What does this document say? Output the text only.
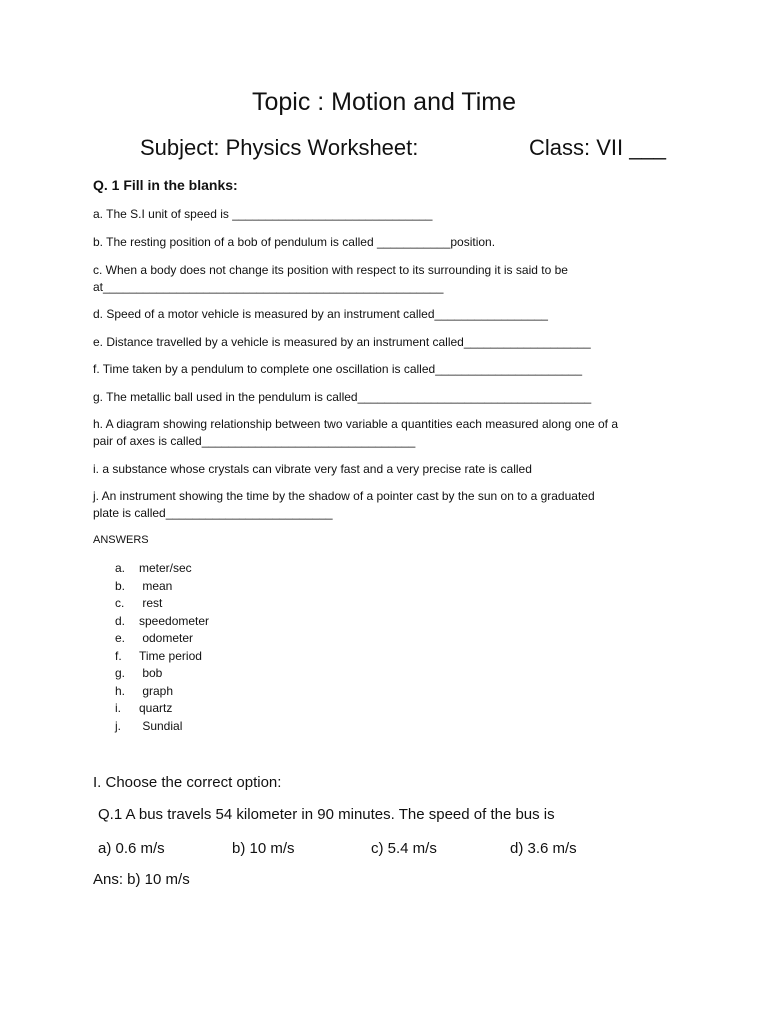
Topic : Motion and Time
Subject: Physics Worksheet:	Class: VII ___
Q. 1 Fill in the blanks:
a. The S.I unit of speed is ______________________________
b. The resting position of a bob of pendulum is called ___________position.
c. When a body does not change its position with respect to its surrounding it is said to be
at___________________________________________________
d. Speed of a motor vehicle is measured by an instrument called_________________
e. Distance travelled by a vehicle is measured by an instrument called___________________
f. Time taken by a pendulum to complete one oscillation is called______________________
g. The metallic ball used in the pendulum is called___________________________________
h. A diagram showing relationship between two variable a quantities each measured along one of a
pair of axes is called________________________________
i. a substance whose crystals can vibrate very fast and a very precise rate is called
j. An instrument showing the time by the shadow of a pointer cast by the sun on to a graduated
plate is called_________________________
ANSWERS
a. meter/sec
b. mean
c. rest
d. speedometer
e. odometer
f. Time period
g. bob
h. graph
i. quartz
j. Sundial
I. Choose the correct option:
Q.1 A bus travels 54 kilometer in 90 minutes. The speed of the bus is
a) 0.6 m/s	b) 10 m/s	c) 5.4 m/s	d) 3.6 m/s
Ans: b) 10 m/s
